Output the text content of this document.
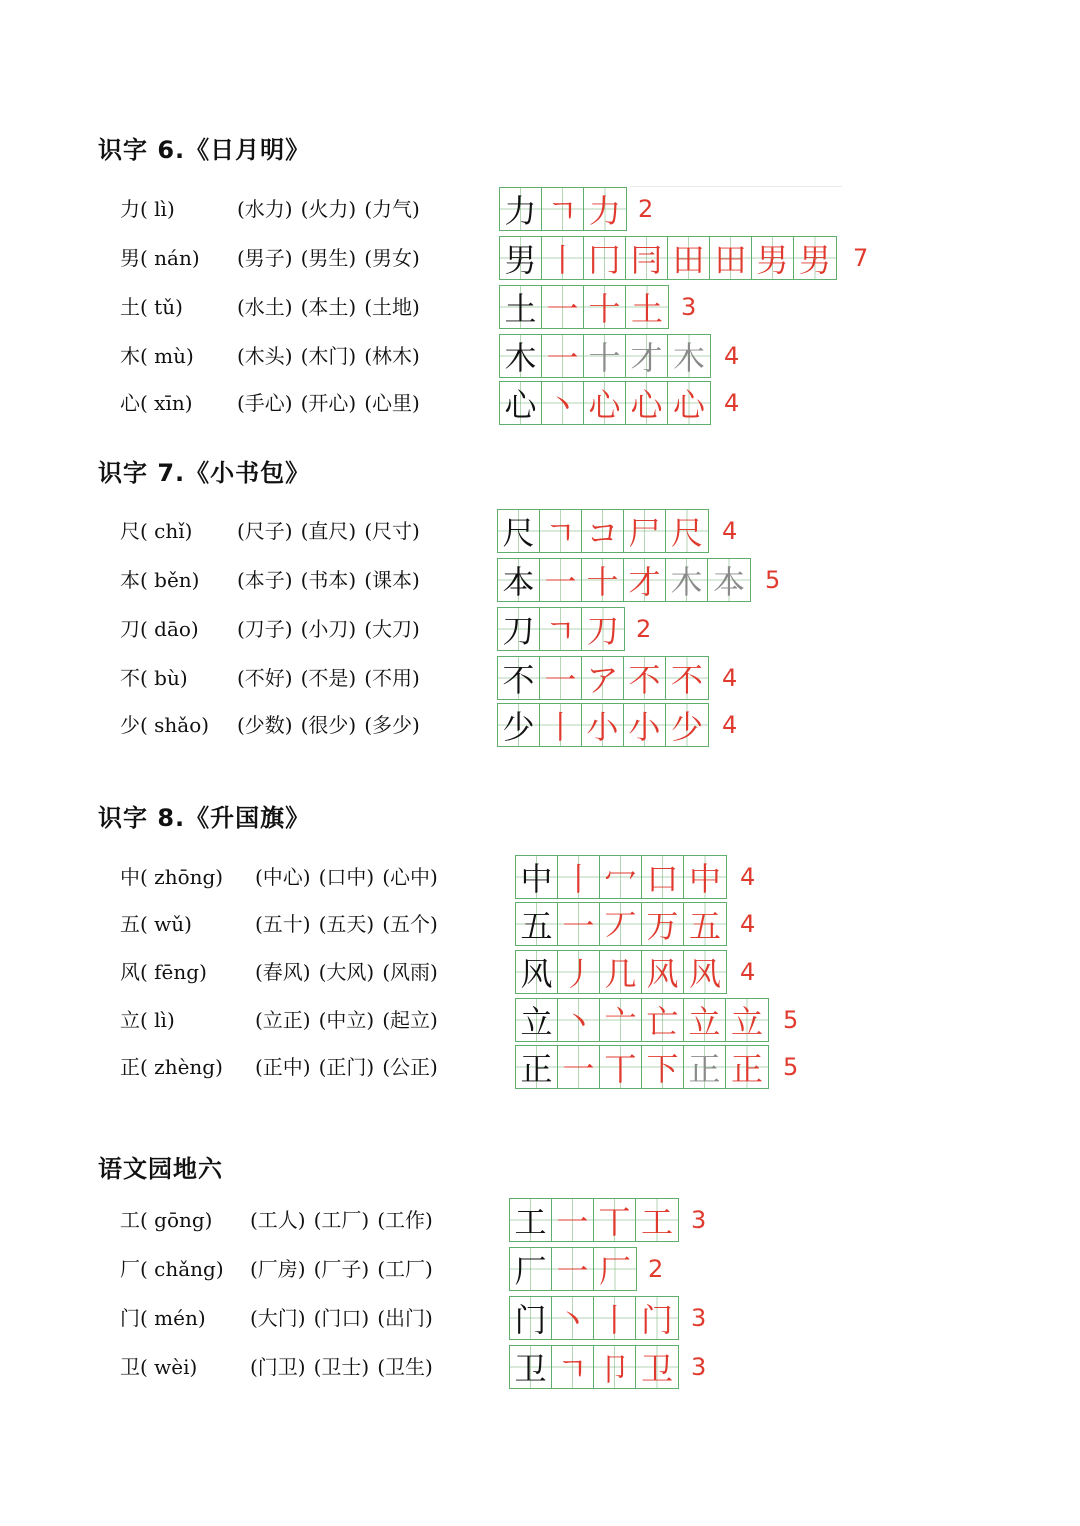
识字 6.《日月明》
力( lì)	(水力) (火力) (力气)	力 ㄱ 力 2
男( nán) (男子) (男生) (男女)	男 丨 冂 冃 田 田 男 男 7
土( tǔ)	(水土) (本土) (土地)	土 一 十 土 3
木( mù) (木头) (木门) (林木)	木 一 十 才 木 4
心( xīn) (手心) (开心) (心里)	心 丶 心 心 心 4
识字 7.《小书包》
尺( chǐ) (尺子) (直尺) (尺寸)	尺 ㄱ コ 尸 尺 4
本( běn) (本子) (书本) (课本)	本 一 十 才 木 本 5
刀( dāo) (刀子) (小刀) (大刀)	刀 ㄱ 刀 2
不( bù) (不好) (不是) (不用)	不 一 ア 不 不 4
少( shǎo) (少数) (很少) (多少)	少 丨 小 小 少 4
识字 8.《升国旗》
中( zhōng) (中心) (口中) (心中)	中 丨 冖 口 中 4
五( wǔ)	(五十) (五天) (五个)	五 一 丆 万 五 4
风( fēng) (春风) (大风) (风雨)	风 丿 几 风 风 4
立( lì)	(立正) (中立) (起立)	立 丶 亠 亡 立 立 5
正( zhèng) (正中) (正门) (公正)	正 一 丅 下 正 正 5
语文园地六
工( gōng) (工人) (工厂) (工作)	工 一 丅 工 3
厂( chǎng) (厂房) (厂子) (工厂)	厂 一 厂 2
门( mén) (大门) (门口) (出门)	门 丶 丨 门 3
卫( wèi)	(门卫) (卫士) (卫生)	卫 ㄱ 卩 卫 3
